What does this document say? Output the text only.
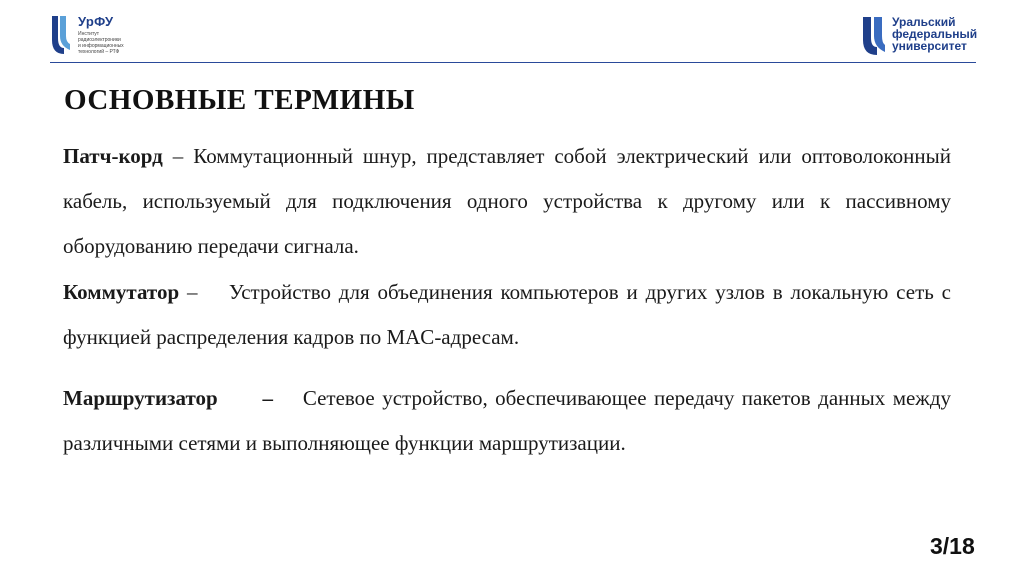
УрФУ
Институт
радиоэлектроники
и информационных
технологий – РТФ
Уральский
федеральный
университет
ОСНОВНЫЕ ТЕРМИНЫ
Патч-корд – Коммутационный шнур, представляет собой электрический или оптоволоконный кабель, используемый для подключения одного устройства к другому или к пассивному оборудованию передачи сигнала.
Коммутатор –    Устройство для объединения компьютеров и других узлов в локальную сеть с функцией распределения кадров по MAC-адресам.
Маршрутизатор      –    Сетевое устройство, обеспечивающее передачу пакетов данных между различными сетями и выполняющее функции маршрутизации.
3/18
